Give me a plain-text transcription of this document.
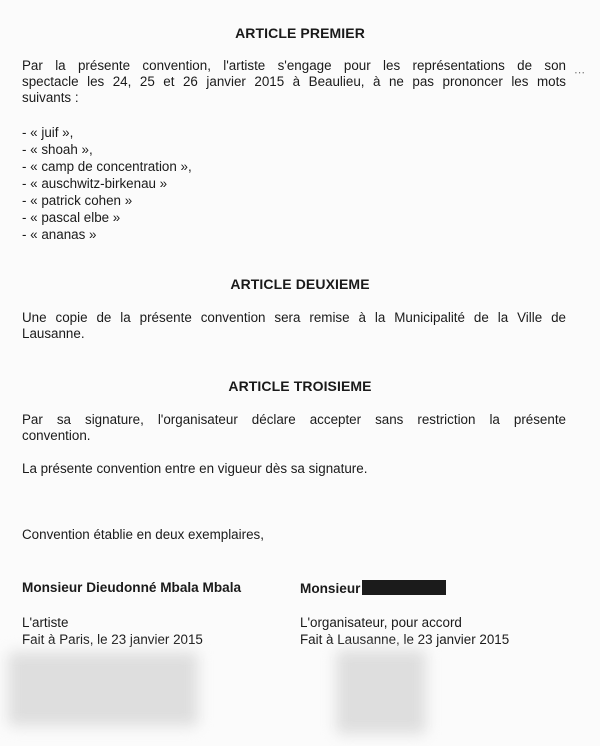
ARTICLE PREMIER
Par la présente convention, l'artiste s'engage pour les représentations de son
spectacle les 24, 25 et 26 janvier 2015 à Beaulieu, à ne pas prononcer les mots
suivants :
- « juif »,
- « shoah »,
- « camp de concentration »,
- « auschwitz-birkenau »
- « patrick cohen »
- « pascal elbe »
- « ananas »
ARTICLE DEUXIEME
Une copie de la présente convention sera remise à la Municipalité de la Ville de
Lausanne.
ARTICLE TROISIEME
Par sa signature, l'organisateur déclare accepter sans restriction la présente
convention.
La présente convention entre en vigueur dès sa signature.
Convention établie en deux exemplaires,
Monsieur Dieudonné Mbala Mbala
L'artiste
Fait à Paris, le 23 janvier 2015
Monsieur
L'organisateur, pour accord
Fait à Lausanne, le 23 janvier 2015
⋯
